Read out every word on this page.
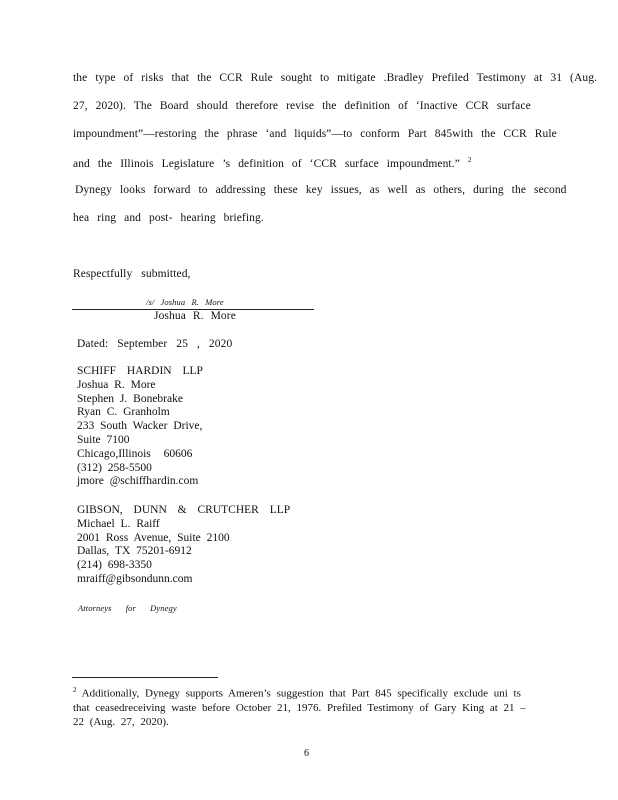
the type of risks that the CCR Rule sought to mitigate .Bradley Prefiled Testimony at 31 (Aug.
27, 2020). The Board should therefore revise the definition of ‘Inactive CCR surface
impoundment”—restoring the phrase ‘and liquids”—to conform Part 845with the CCR Rule
and the Illinois Legislature ’s definition of ‘CCR surface impoundment.” $^2$
Dynegy looks forward to addressing these key issues, as well as others, during the second
hea ring and post- hearing briefing.
Respectfully submitted,
/s/ Joshua R. More
Joshua R. More
Dated: September 25 , 2020
SCHIFF HARDIN LLP
Joshua R. More
Stephen J. Bonebrake
Ryan C. Granholm
233 South Wacker Drive,
Suite 7100
Chicago,Illinois 60606
(312) 258-5500
jmore @schiffhardin.com
GIBSON, DUNN & CRUTCHER LLP
Michael L. Raiff
2001 Ross Avenue, Suite 2100
Dallas, TX 75201-6912
(214) 698-3350
mraiff@gibsondunn.com
Attorneys for Dynegy
$^2$ Additionally, Dynegy supports Ameren’s suggestion that Part 845 specifically exclude uni ts that ceasedreceiving waste before October 21, 1976. Prefiled Testimony of Gary King at 21 – 22 (Aug. 27, 2020).
6
